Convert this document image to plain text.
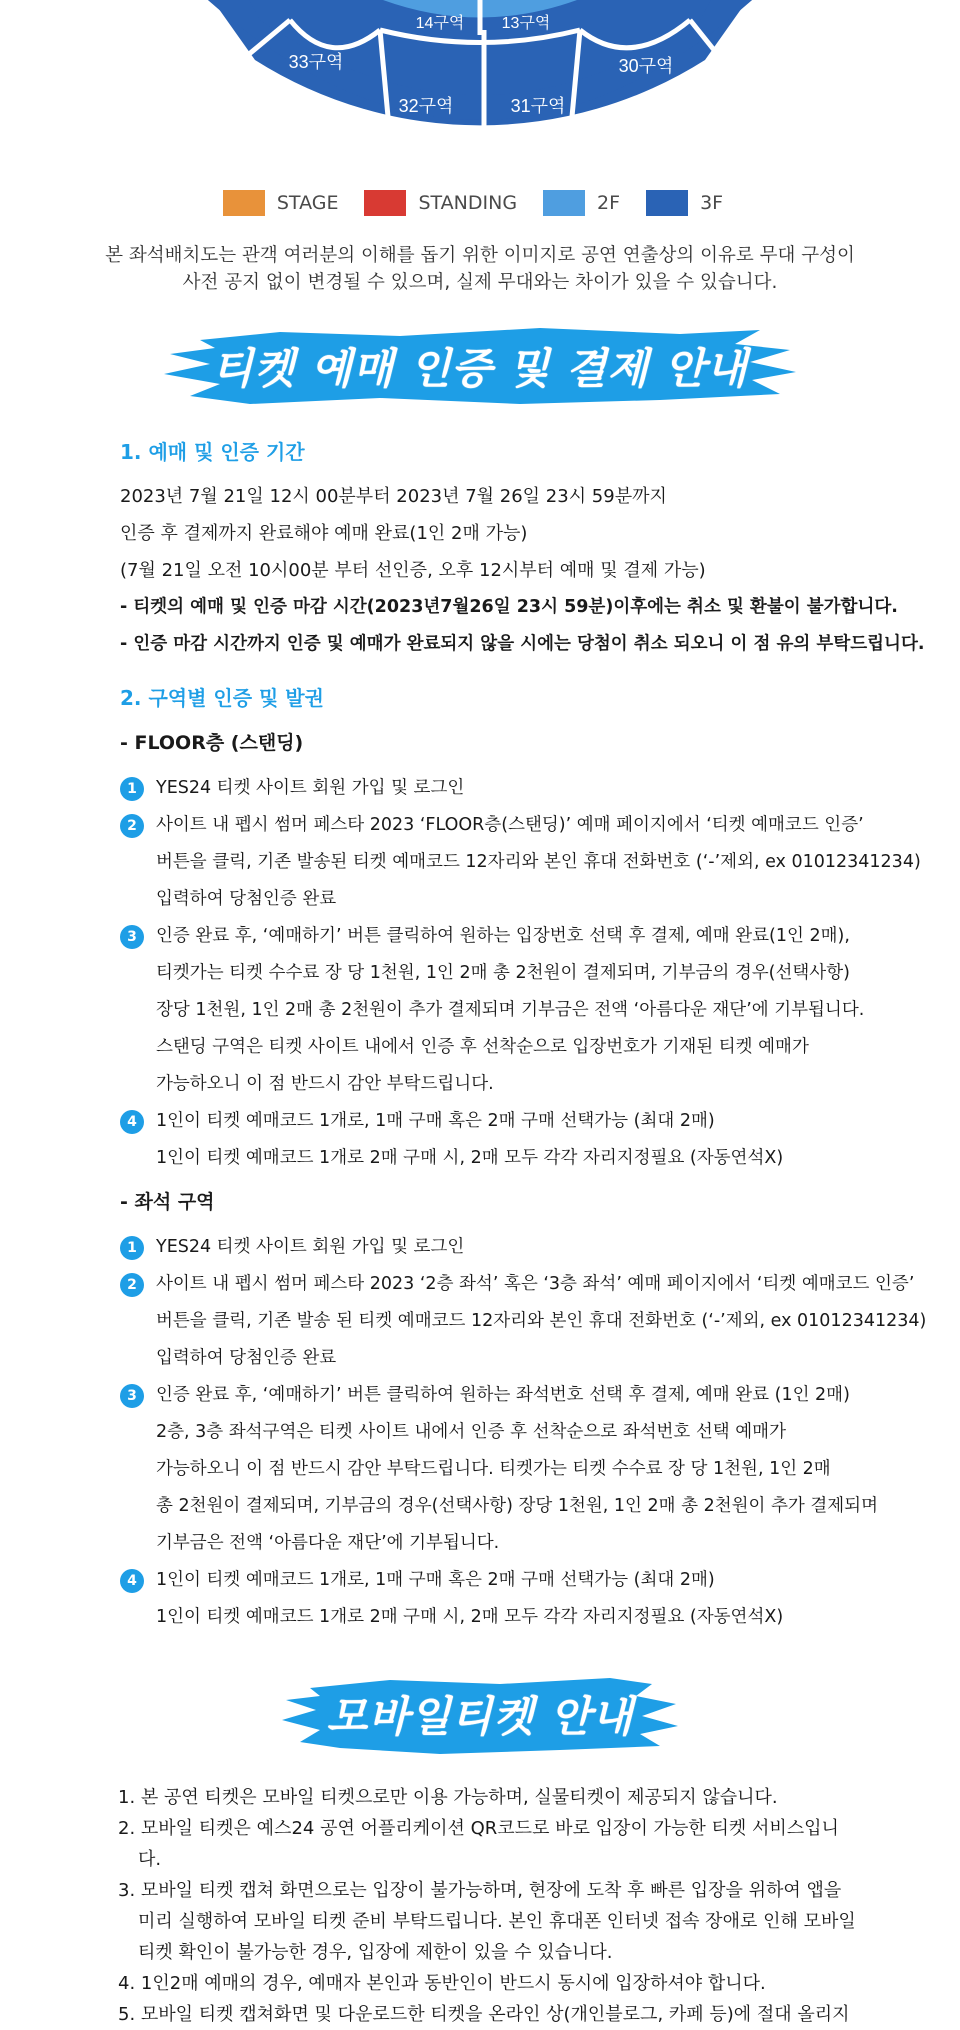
14구역 13구역
33구역
32구역	31구역
30구역
STAGE	STANDING	2F	3F
본 좌석배치도는 관객 여러분의 이해를 돕기 위한 이미지로 공연 연출상의 이유로 무대 구성이
사전 공지 없이 변경될 수 있으며, 실제 무대와는 차이가 있을 수 있습니다.
티켓 예매 인증 및 결제 안내
1. 예매 및 인증 기간
2023년 7월 21일 12시 00분부터 2023년 7월 26일 23시 59분까지
인증 후 결제까지 완료해야 예매 완료(1인 2매 가능)
(7월 21일 오전 10시00분 부터 선인증, 오후 12시부터 예매 및 결제 가능)
- 티켓의 예매 및 인증 마감 시간(2023년7월26일 23시 59분)이후에는 취소 및 환불이 불가합니다.
- 인증 마감 시간까지 인증 및 예매가 완료되지 않을 시에는 당첨이 취소 되오니 이 점 유의 부탁드립니다.
2. 구역별 인증 및 발권
- FLOOR층 (스탠딩)
1	YES24 티켓 사이트 회원 가입 및 로그인
2	사이트 내 펩시 썸머 페스타 2023 ‘FLOOR층(스탠딩)’ 예매 페이지에서 ‘티켓 예매코드 인증’
버튼을 클릭, 기존 발송된 티켓 예매코드 12자리와 본인 휴대 전화번호 (‘-’제외, ex 01012341234)
입력하여 당첨인증 완료
3	인증 완료 후, ‘예매하기’ 버튼 클릭하여 원하는 입장번호 선택 후 결제, 예매 완료(1인 2매),
티켓가는 티켓 수수료 장 당 1천원, 1인 2매 총 2천원이 결제되며, 기부금의 경우(선택사항)
장당 1천원, 1인 2매 총 2천원이 추가 결제되며 기부금은 전액 ‘아름다운 재단’에 기부됩니다.
스탠딩 구역은 티켓 사이트 내에서 인증 후 선착순으로 입장번호가 기재된 티켓 예매가
가능하오니 이 점 반드시 감안 부탁드립니다.
4	1인이 티켓 예매코드 1개로, 1매 구매 혹은 2매 구매 선택가능 (최대 2매)
1인이 티켓 예매코드 1개로 2매 구매 시, 2매 모두 각각 자리지정필요 (자동연석X)
- 좌석 구역
1	YES24 티켓 사이트 회원 가입 및 로그인
2	사이트 내 펩시 썸머 페스타 2023 ‘2층 좌석’ 혹은 ‘3층 좌석’ 예매 페이지에서 ‘티켓 예매코드 인증’
버튼을 클릭, 기존 발송 된 티켓 예매코드 12자리와 본인 휴대 전화번호 (‘-’제외, ex 01012341234)
입력하여 당첨인증 완료
3	인증 완료 후, ‘예매하기’ 버튼 클릭하여 원하는 좌석번호 선택 후 결제, 예매 완료 (1인 2매)
2층, 3층 좌석구역은 티켓 사이트 내에서 인증 후 선착순으로 좌석번호 선택 예매가
가능하오니 이 점 반드시 감안 부탁드립니다. 티켓가는 티켓 수수료 장 당 1천원, 1인 2매
총 2천원이 결제되며, 기부금의 경우(선택사항) 장당 1천원, 1인 2매 총 2천원이 추가 결제되며
기부금은 전액 ‘아름다운 재단’에 기부됩니다.
4	1인이 티켓 예매코드 1개로, 1매 구매 혹은 2매 구매 선택가능 (최대 2매)
1인이 티켓 예매코드 1개로 2매 구매 시, 2매 모두 각각 자리지정필요 (자동연석X)
모바일티켓 안내
1. 본 공연 티켓은 모바일 티켓으로만 이용 가능하며, 실물티켓이 제공되지 않습니다.
2. 모바일 티켓은 예스24 공연 어플리케이션 QR코드로 바로 입장이 가능한 티켓 서비스입니다.
3. 모바일 티켓 캡쳐 화면으로는 입장이 불가능하며, 현장에 도착 후 빠른 입장을 위하여 앱을 미리 실행하여 모바일 티켓 준비 부탁드립니다. 본인 휴대폰 인터넷 접속 장애로 인해 모바일 티켓 확인이 불가능한 경우, 입장에 제한이 있을 수 있습니다.
4. 1인2매 예매의 경우, 예매자 본인과 동반인이 반드시 동시에 입장하셔야 합니다.
5. 모바일 티켓 캡쳐화면 및 다운로드한 티켓을 온라인 상(개인블로그, 카페 등)에 절대 올리지
